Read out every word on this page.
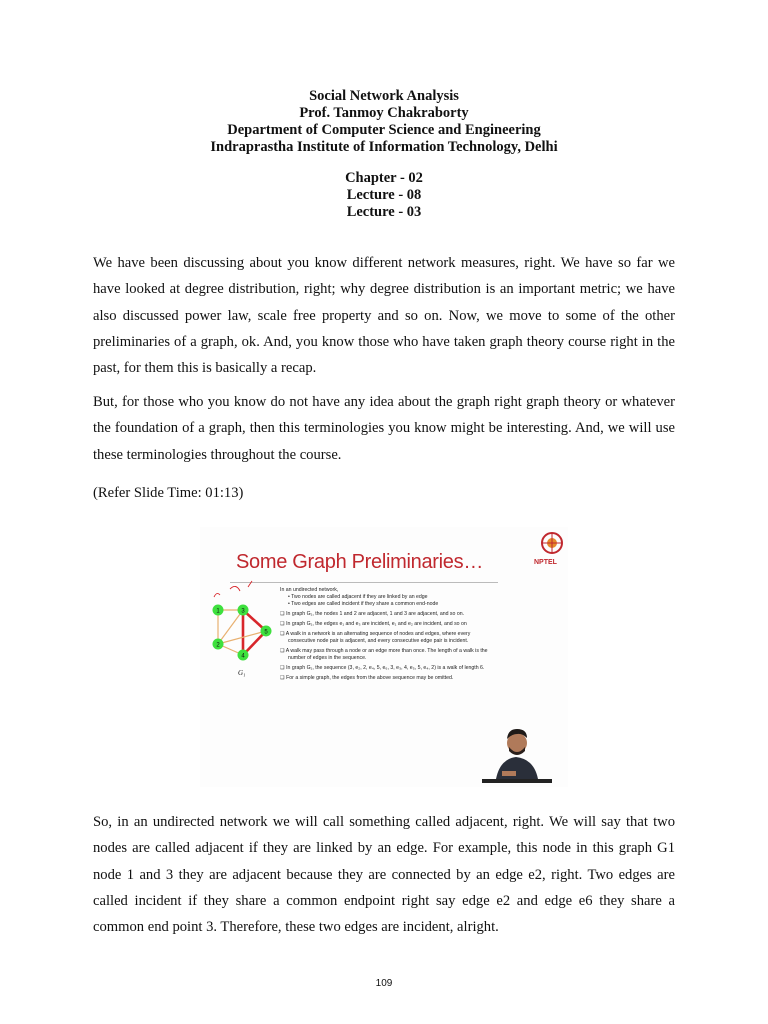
Social Network Analysis
Prof. Tanmoy Chakraborty
Department of Computer Science and Engineering
Indraprastha Institute of Information Technology, Delhi
Chapter - 02
Lecture - 08
Lecture - 03

We have been discussing about you know different network measures, right. We have so far we have looked at degree distribution, right; why degree distribution is an important metric; we have also discussed power law, scale free property and so on. Now, we move to some of the other preliminaries of a graph, ok. And, you know those who have taken graph theory course right in the past, for them this is basically a recap.

But, for those who you know do not have any idea about the graph right graph theory or whatever the foundation of a graph, then this terminologies you know might be interesting. And, we will use these terminologies throughout the course.

(Refer Slide Time: 01:13)

Some Graph Preliminaries…	NPTEL
1	3
5
2
4
G₁
In an undirected network,
• Two nodes are called adjacent if they are linked by an edge
• Two edges are called incident if they share a common end-node
❑ In graph G₁, the nodes 1 and 2 are adjacent, 1 and 3 are adjacent, and so on.
❑ In graph G₁, the edges e₁ and e₃ are incident, e₁ and e₂ are incident, and so on
❑ A walk in a network is an alternating sequence of nodes and edges, where every
consecutive node pair is adjacent, and every consecutive edge pair is incident.
❑ A walk may pass through a node or an edge more than once. The length of a walk is the
number of edges in the sequence.
❑ In graph G₁, the sequence (3, e₂, 2, e₄, 5, e₆, 3, e₃, 4, e₅, 5, e₄, 2) is a walk of length 6.
❑ For a simple graph, the edges from the above sequence may be omitted.

So, in an undirected network we will call something called adjacent, right. We will say that two nodes are called adjacent if they are linked by an edge. For example, this node in this graph G1 node 1 and 3 they are adjacent because they are connected by an edge e2, right. Two edges are called incident if they share a common endpoint right say edge e2 and edge e6 they share a common end point 3. Therefore, these two edges are incident, alright.

109
